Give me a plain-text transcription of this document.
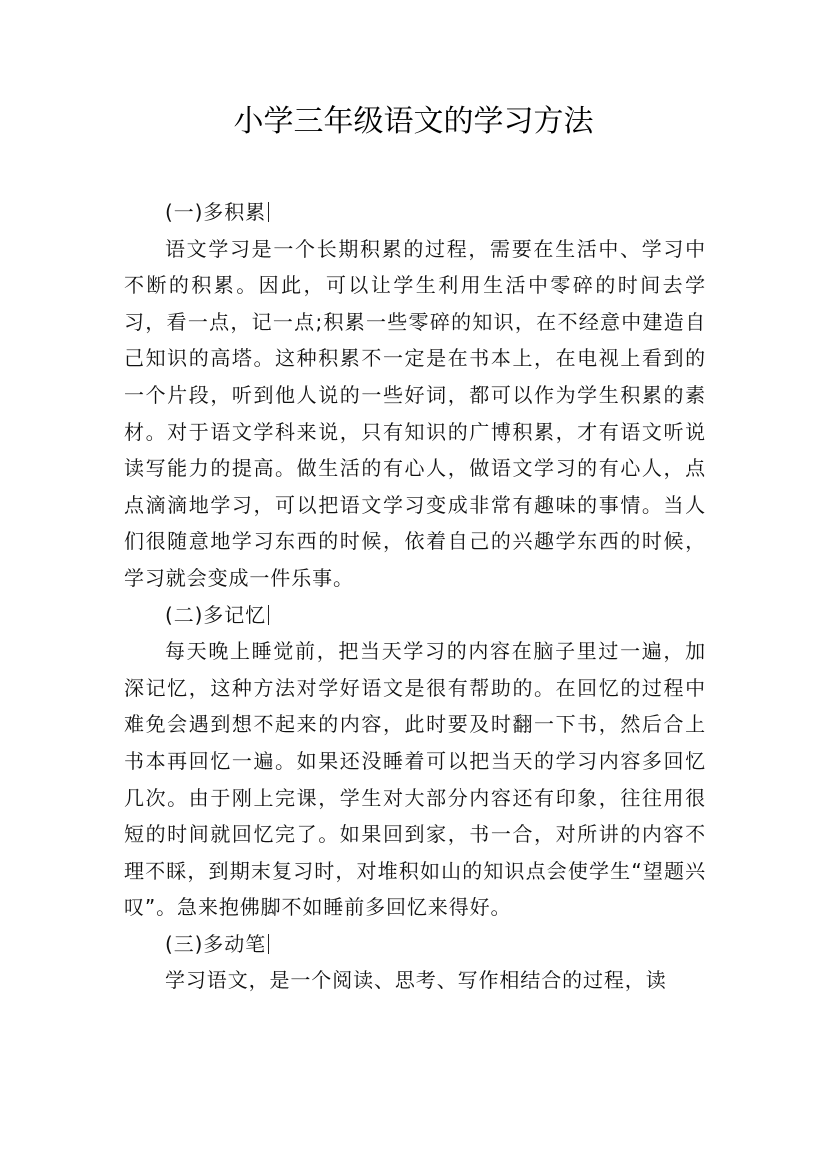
小学三年级语文的学习方法

(一)多积累

语文学习是一个长期积累的过程，需要在生活中、学习中不断的积累。因此，可以让学生利用生活中零碎的时间去学习，看一点，记一点;积累一些零碎的知识，在不经意中建造自己知识的高塔。这种积累不一定是在书本上，在电视上看到的一个片段，听到他人说的一些好词，都可以作为学生积累的素材。对于语文学科来说，只有知识的广博积累，才有语文听说读写能力的提高。做生活的有心人，做语文学习的有心人，点点滴滴地学习，可以把语文学习变成非常有趣味的事情。当人们很随意地学习东西的时候，依着自己的兴趣学东西的时候，学习就会变成一件乐事。

(二)多记忆

每天晚上睡觉前，把当天学习的内容在脑子里过一遍，加深记忆，这种方法对学好语文是很有帮助的。在回忆的过程中难免会遇到想不起来的内容，此时要及时翻一下书，然后合上书本再回忆一遍。如果还没睡着可以把当天的学习内容多回忆几次。由于刚上完课，学生对大部分内容还有印象，往往用很短的时间就回忆完了。如果回到家，书一合，对所讲的内容不理不睬，到期末复习时，对堆积如山的知识点会使学生“望题兴叹”。急来抱佛脚不如睡前多回忆来得好。

(三)多动笔

学习语文，是一个阅读、思考、写作相结合的过程，读
